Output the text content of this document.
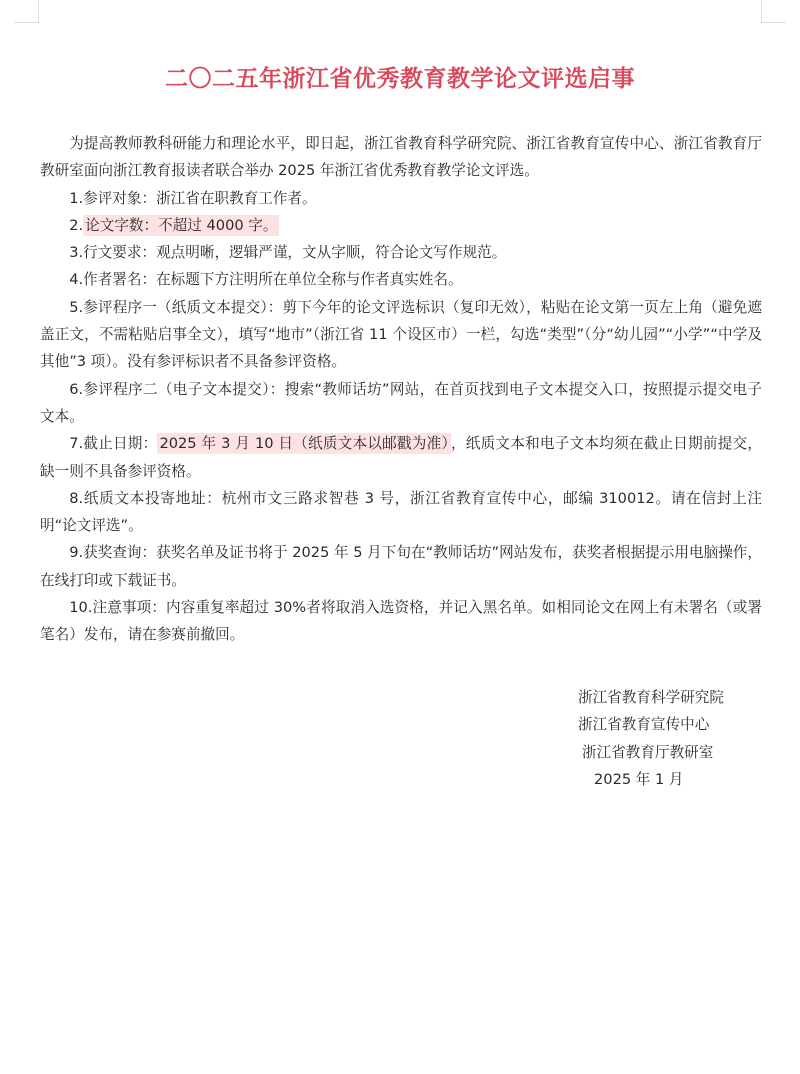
二〇二五年浙江省优秀教育教学论文评选启事

为提高教师教科研能力和理论水平，即日起，浙江省教育科学研究院、浙江省教育宣传中心、浙江省教育厅教研室面向浙江教育报读者联合举办 2025 年浙江省优秀教育教学论文评选。

1.参评对象：浙江省在职教育工作者。

2. 论文字数：不超过 4000 字。

3.行文要求：观点明晰，逻辑严谨，文从字顺，符合论文写作规范。

4.作者署名：在标题下方注明所在单位全称与作者真实姓名。

5.参评程序一（纸质文本提交）：剪下今年的论文评选标识（复印无效），粘贴在论文第一页左上角（避免遮盖正文，不需粘贴启事全文），填写“地市”（浙江省 11 个设区市）一栏，勾选“类型”（分“幼儿园”“小学”“中学及其他”3 项）。没有参评标识者不具备参评资格。

6.参评程序二（电子文本提交）：搜索“教师话坊”网站，在首页找到电子文本提交入口，按照提示提交电子文本。

7.截止日期： 2025 年 3 月 10 日（纸质文本以邮戳为准） ，纸质文本和电子文本均须在截止日期前提交，缺一则不具备参评资格。

8.纸质文本投寄地址：杭州市文三路求智巷 3 号，浙江省教育宣传中心，邮编 310012。请在信封上注明“论文评选”。

9.获奖查询：获奖名单及证书将于 2025 年 5 月下旬在“教师话坊”网站发布，获奖者根据提示用电脑操作，在线打印或下载证书。

10.注意事项：内容重复率超过 30%者将取消入选资格，并记入黑名单。如相同论文在网上有未署名（或署笔名）发布，请在参赛前撤回。

浙江省教育科学研究院
浙江省教育宣传中心
浙江省教育厅教研室
2025 年 1 月
